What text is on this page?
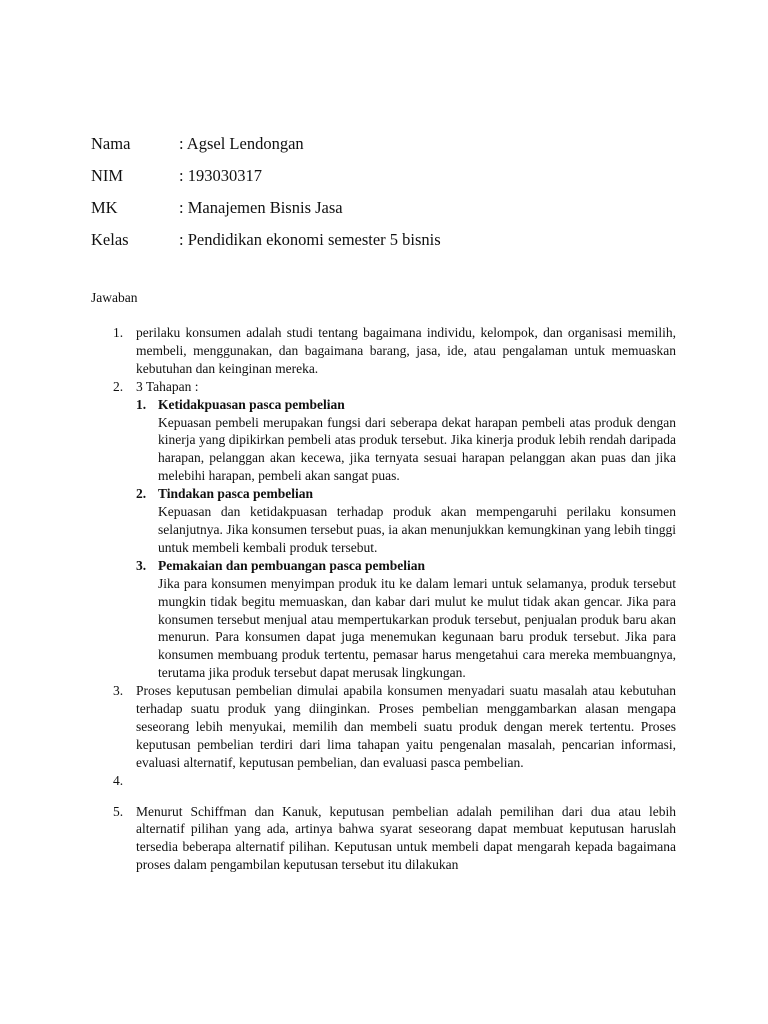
Nama	: Agsel Lendongan
NIM	: 193030317
MK	: Manajemen Bisnis Jasa
Kelas	: Pendidikan ekonomi semester 5 bisnis
Jawaban
1. perilaku konsumen adalah studi tentang bagaimana individu, kelompok, dan organisasi memilih, membeli, menggunakan, dan bagaimana barang, jasa, ide, atau pengalaman untuk memuaskan kebutuhan dan keinginan mereka.
2. 3 Tahapan :
1. Ketidakpuasan pasca pembelian
Kepuasan pembeli merupakan fungsi dari seberapa dekat harapan pembeli atas produk dengan kinerja yang dipikirkan pembeli atas produk tersebut. Jika kinerja produk lebih rendah daripada harapan, pelanggan akan kecewa, jika ternyata sesuai harapan pelanggan akan puas dan jika melebihi harapan, pembeli akan sangat puas.
2. Tindakan pasca pembelian
Kepuasan dan ketidakpuasan terhadap produk akan mempengaruhi perilaku konsumen selanjutnya. Jika konsumen tersebut puas, ia akan menunjukkan kemungkinan yang lebih tinggi untuk membeli kembali produk tersebut.
3. Pemakaian dan pembuangan pasca pembelian
Jika para konsumen menyimpan produk itu ke dalam lemari untuk selamanya, produk tersebut mungkin tidak begitu memuaskan, dan kabar dari mulut ke mulut tidak akan gencar. Jika para konsumen tersebut menjual atau mempertukarkan produk tersebut, penjualan produk baru akan menurun. Para konsumen dapat juga menemukan kegunaan baru produk tersebut. Jika para konsumen membuang produk tertentu, pemasar harus mengetahui cara mereka membuangnya, terutama jika produk tersebut dapat merusak lingkungan.
3. Proses keputusan pembelian dimulai apabila konsumen menyadari suatu masalah atau kebutuhan terhadap suatu produk yang diinginkan. Proses pembelian menggambarkan alasan mengapa seseorang lebih menyukai, memilih dan membeli suatu produk dengan merek tertentu. Proses keputusan pembelian terdiri dari lima tahapan yaitu pengenalan masalah, pencarian informasi, evaluasi alternatif, keputusan pembelian, dan evaluasi pasca pembelian.
4.

5. Menurut Schiffman dan Kanuk, keputusan pembelian adalah pemilihan dari dua atau lebih alternatif pilihan yang ada, artinya bahwa syarat seseorang dapat membuat keputusan haruslah tersedia beberapa alternatif pilihan. Keputusan untuk membeli dapat mengarah kepada bagaimana proses dalam pengambilan keputusan tersebut itu dilakukan
